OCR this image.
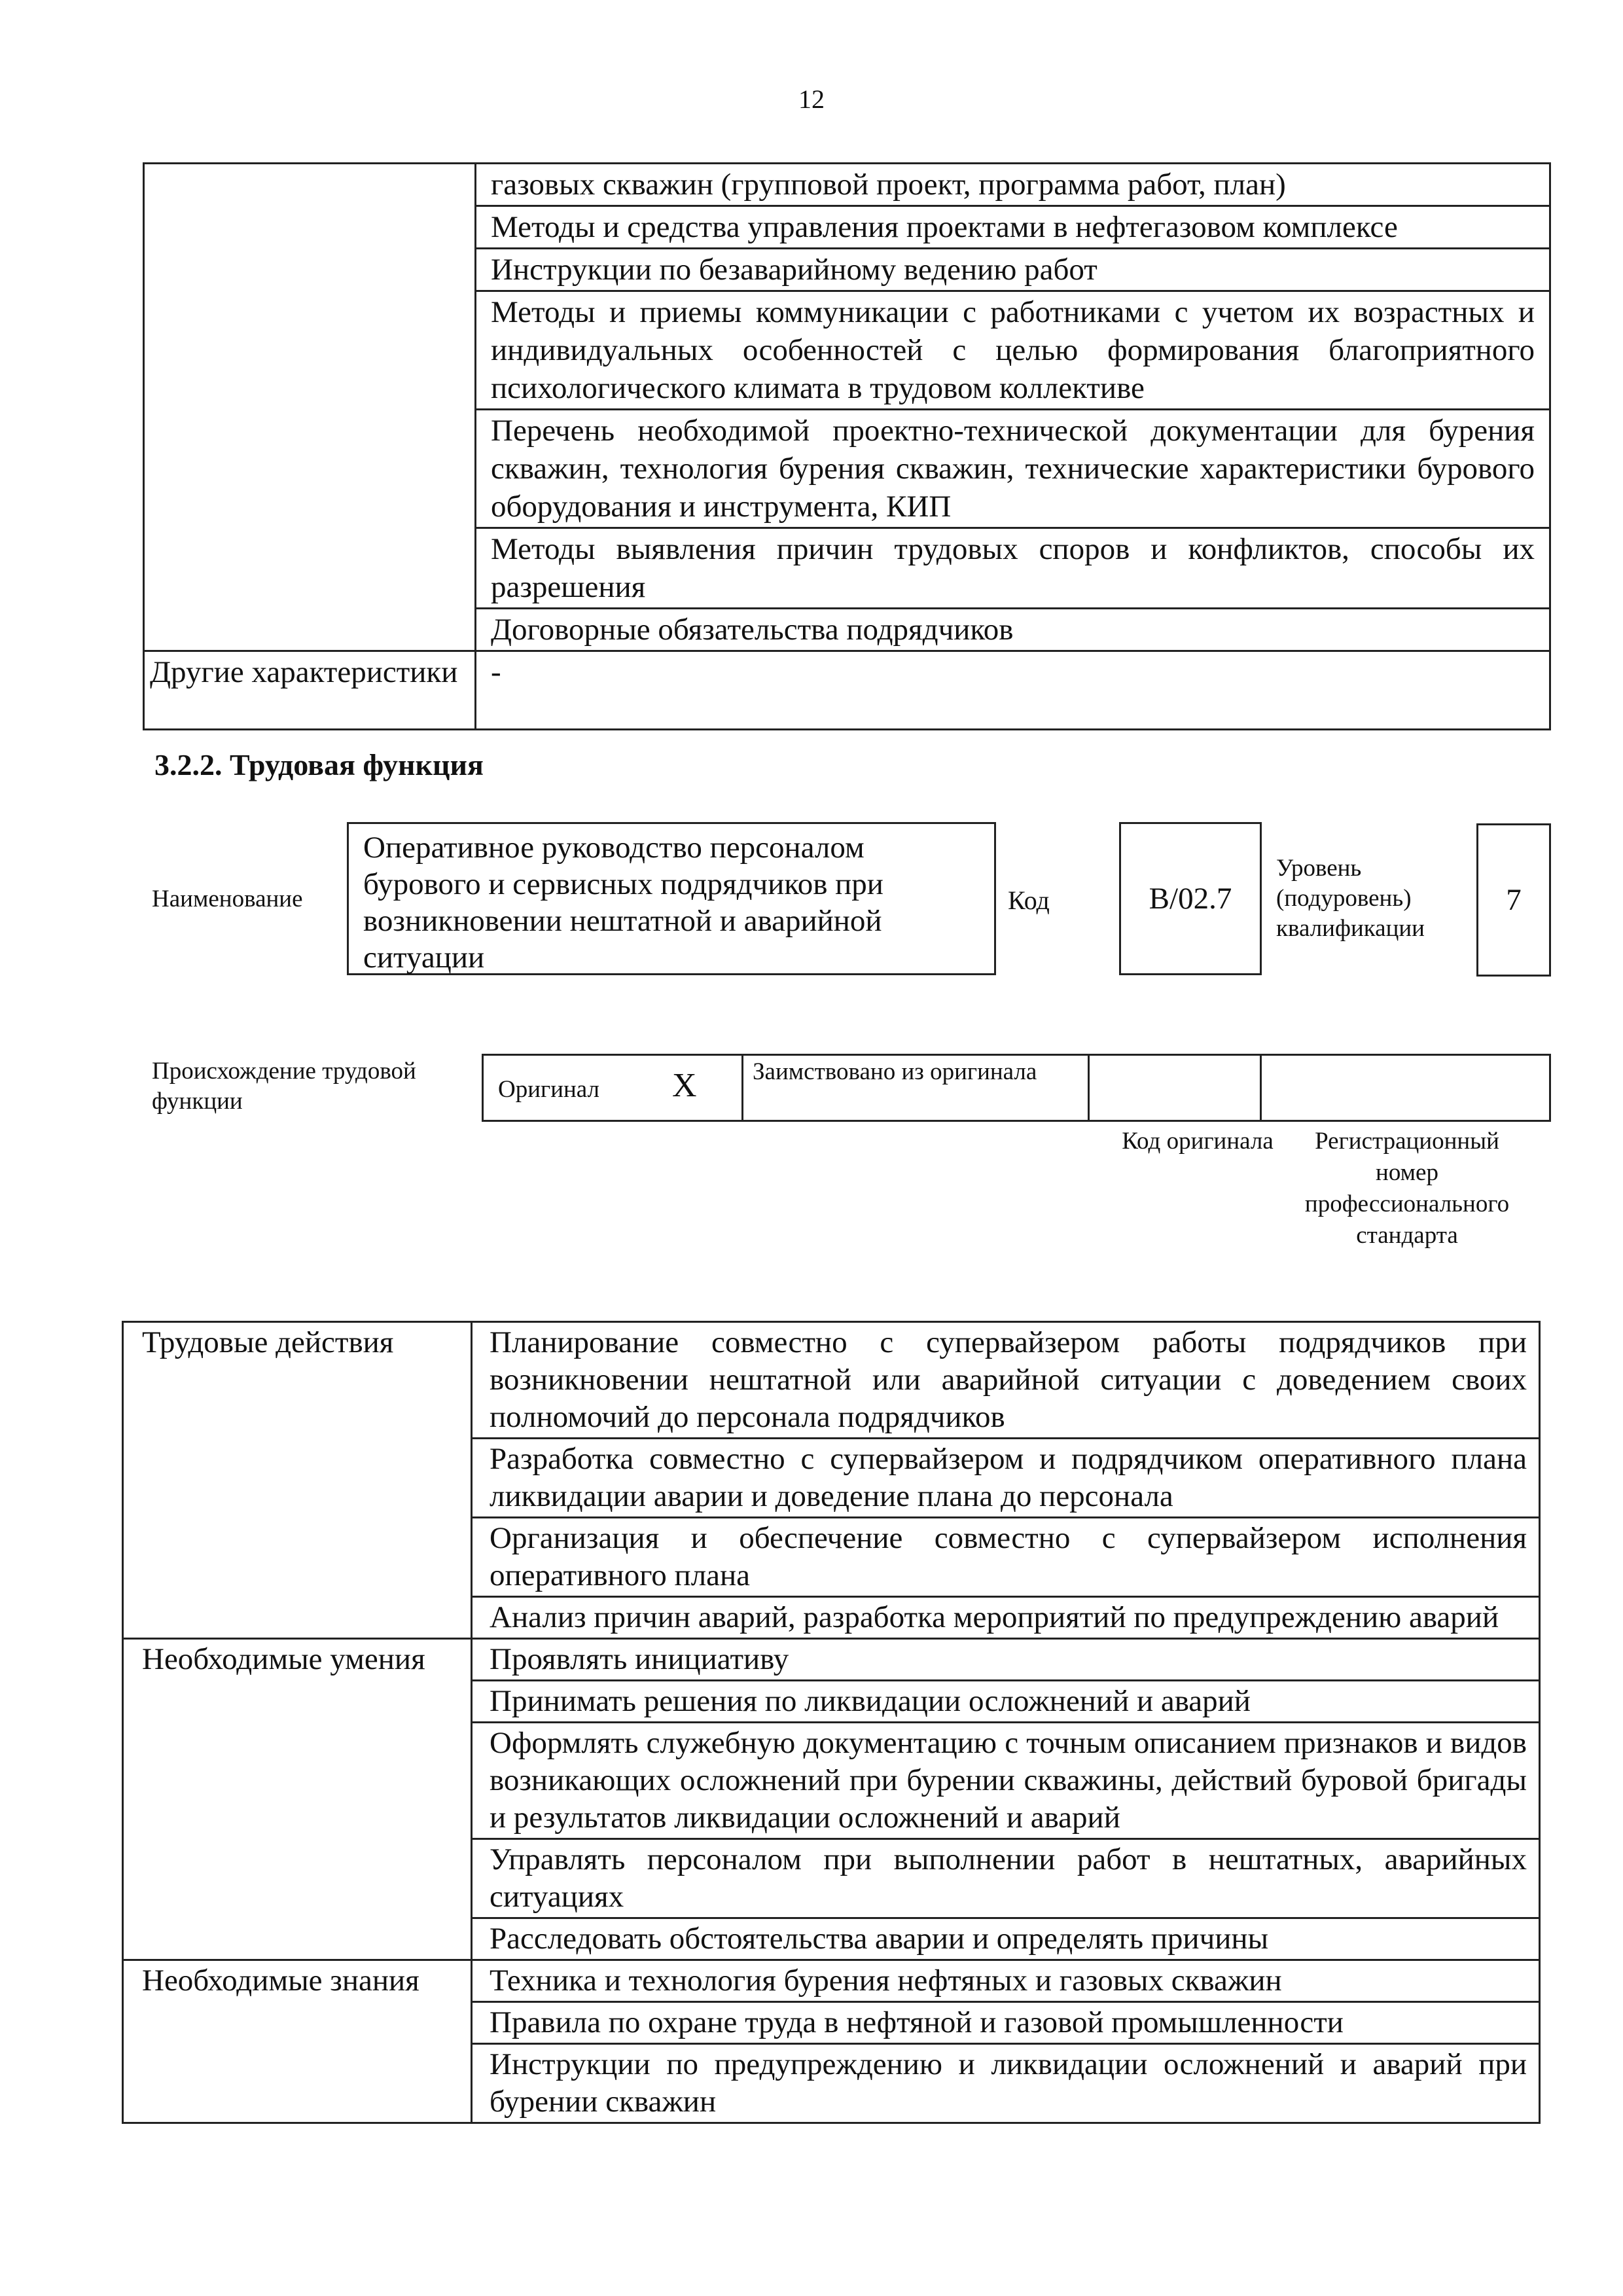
12
	газовых скважин (групповой проект, программа работ, план)
	Методы и средства управления проектами в нефтегазовом комплексе
	Инструкции по безаварийному ведению работ
	Методы и приемы коммуникации с работниками с учетом их возрастных и индивидуальных особенностей с целью формирования благоприятного психологического климата в трудовом коллективе
	Перечень необходимой проектно-технической документации для бурения скважин, технология бурения скважин, технические характеристики бурового оборудования и инструмента, КИП
	Методы выявления причин трудовых споров и конфликтов, способы их разрешения
	Договорные обязательства подрядчиков
Другие характеристики	-
3.2.2. Трудовая функция
Наименование
Оперативное руководство персоналом бурового и сервисных подрядчиков при возникновении нештатной и аварийной ситуации
Код	B/02.7
Уровень (подуровень) квалификации
7
Происхождение трудовой функции	Оригинал X	Заимствовано из оригинала

Код оригинала	Регистрационный номер профессионального стандарта
Трудовые действия	Планирование совместно с супервайзером работы подрядчиков при возникновении нештатной или аварийной ситуации с доведением своих полномочий до персонала подрядчиков
	Разработка совместно с супервайзером и подрядчиком оперативного плана ликвидации аварии и доведение плана до персонала
	Организация и обеспечение совместно с супервайзером исполнения оперативного плана
	Анализ причин аварий, разработка мероприятий по предупреждению аварий
Необходимые умения	Проявлять инициативу
	Принимать решения по ликвидации осложнений и аварий
	Оформлять служебную документацию с точным описанием признаков и видов возникающих осложнений при бурении скважины, действий буровой бригады и результатов ликвидации осложнений и аварий
	Управлять персоналом при выполнении работ в нештатных, аварийных ситуациях
	Расследовать обстоятельства аварии и определять причины
Необходимые знания	Техника и технология бурения нефтяных и газовых скважин
	Правила по охране труда в нефтяной и газовой промышленности
	Инструкции по предупреждению и ликвидации осложнений и аварий при бурении скважин
